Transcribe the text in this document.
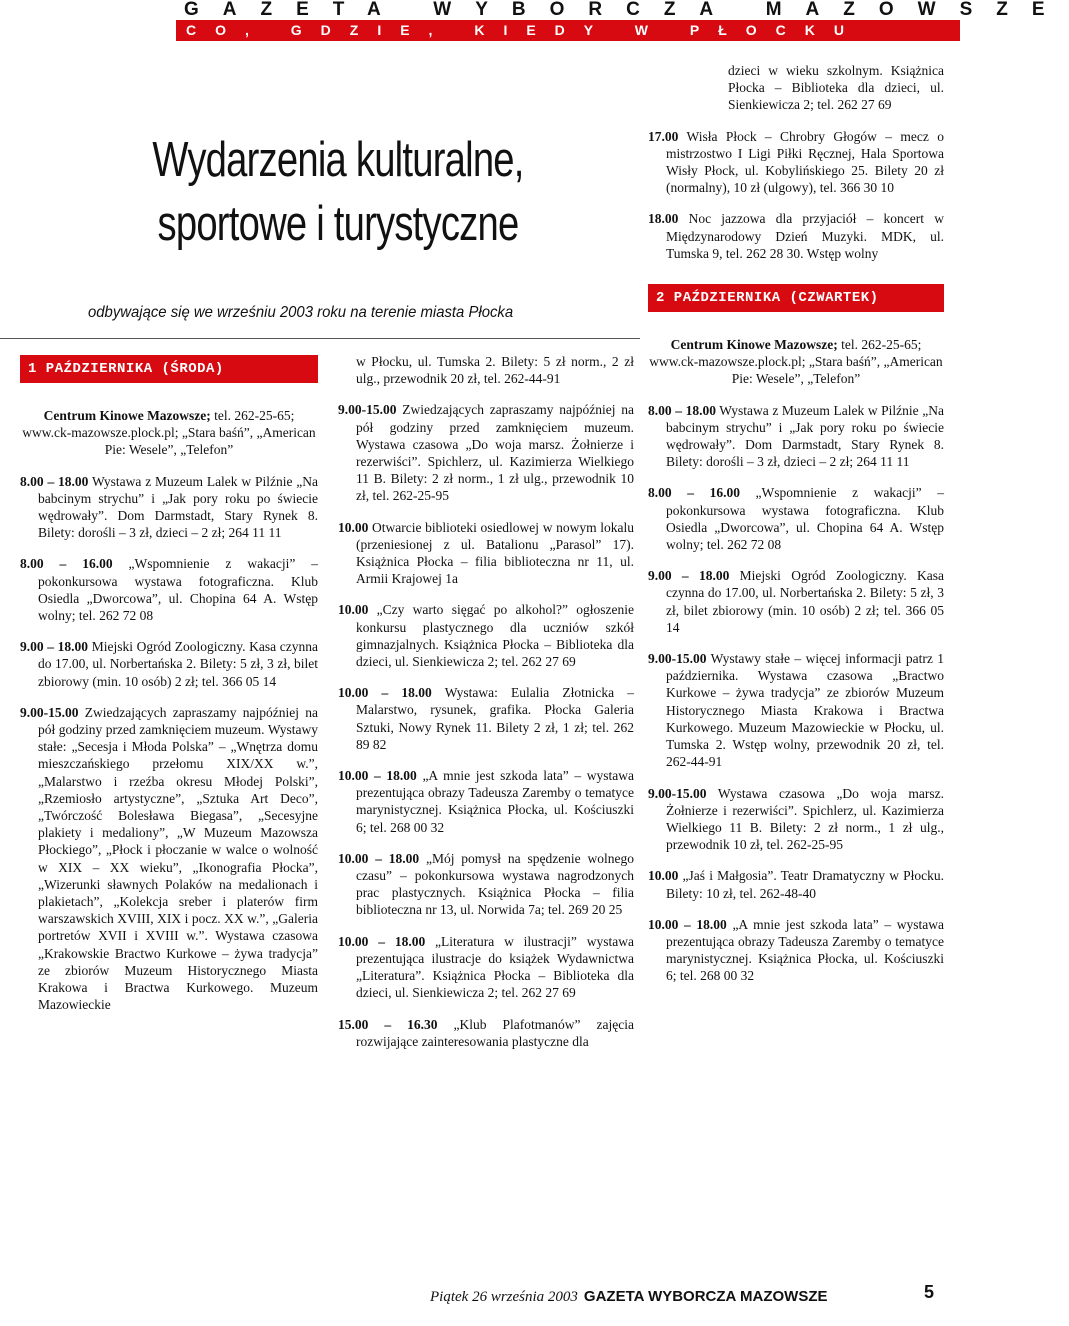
GAZETA WYBORCZA MAZOWSZE
CO, GDZIE, KIEDY W PŁOCKU
Wydarzenia kulturalne,
sportowe i turystyczne
odbywające się we wrześniu 2003 roku na terenie miasta Płocka
1 PAŹDZIERNIKA (ŚRODA)
Centrum Kinowe Mazowsze; tel. 262-25-65; www.ck-mazowsze.plock.pl; „Stara baśń”, „American Pie: Wesele”, „Telefon”
8.00 – 18.00 Wystawa z Muzeum Lalek w Pilźnie „Na babcinym strychu” i „Jak pory roku po świecie wędrowały”. Dom Darmstadt, Stary Rynek 8. Bilety: dorośli – 3 zł, dzieci – 2 zł; 264 11 11
8.00 – 16.00 „Wspomnienie z wakacji” – pokonkursowa wystawa fotograficzna. Klub Osiedla „Dworcowa”, ul. Chopina 64 A. Wstęp wolny; tel. 262 72 08
9.00 – 18.00 Miejski Ogród Zoologiczny. Kasa czynna do 17.00, ul. Norbertańska 2. Bilety: 5 zł, 3 zł, bilet zbiorowy (min. 10 osób) 2 zł; tel. 366 05 14
9.00-15.00 Zwiedzających zapraszamy najpóźniej na pół godziny przed zamknięciem muzeum. Wystawy stałe: „Secesja i Młoda Polska” – „Wnętrza domu mieszczańskiego przełomu XIX/XX w.”, „Malarstwo i rzeźba okresu Młodej Polski”, „Rzemiosło artystyczne”, „Sztuka Art Deco”, „Twórczość Bolesława Biegasa”, „Secesyjne plakiety i medaliony”, „W Muzeum Mazowsza Płockiego”, „Płock i płoczanie w walce o wolność w XIX – XX wieku”, „Ikonografia Płocka”, „Wizerunki sławnych Polaków na medalionach i plakietach”, „Kolekcja sreber i platerów firm warszawskich XVIII, XIX i pocz. XX w.”, „Galeria portretów XVII i XVIII w.”. Wystawa czasowa „Krakowskie Bractwo Kurkowe – żywa tradycja” ze zbiorów Muzeum Historycznego Miasta Krakowa i Bractwa Kurkowego. Muzeum Mazowieckie
w Płocku, ul. Tumska 2. Bilety: 5 zł norm., 2 zł ulg., przewodnik 20 zł, tel. 262-44-91
9.00-15.00 Zwiedzających zapraszamy najpóźniej na pół godziny przed zamknięciem muzeum. Wystawa czasowa „Do woja marsz. Żołnierze i rezerwiści”. Spichlerz, ul. Kazimierza Wielkiego 11 B. Bilety: 2 zł norm., 1 zł ulg., przewodnik 10 zł, tel. 262-25-95
10.00 Otwarcie biblioteki osiedlowej w nowym lokalu (przeniesionej z ul. Batalionu „Parasol” 17). Książnica Płocka – filia biblioteczna nr 11, ul. Armii Krajowej 1a
10.00 „Czy warto sięgać po alkohol?” ogłoszenie konkursu plastycznego dla uczniów szkół gimnazjalnych. Książnica Płocka – Biblioteka dla dzieci, ul. Sienkiewicza 2; tel. 262 27 69
10.00 – 18.00 Wystawa: Eulalia Złotnicka – Malarstwo, rysunek, grafika. Płocka Galeria Sztuki, Nowy Rynek 11. Bilety 2 zł, 1 zł; tel. 262 89 82
10.00 – 18.00 „A mnie jest szkoda lata” – wystawa prezentująca obrazy Tadeusza Zaremby o tematyce marynistycznej. Książnica Płocka, ul. Kościuszki 6; tel. 268 00 32
10.00 – 18.00 „Mój pomysł na spędzenie wolnego czasu” – pokonkursowa wystawa nagrodzonych prac plastycznych. Książnica Płocka – filia biblioteczna nr 13, ul. Norwida 7a; tel. 269 20 25
10.00 – 18.00 „Literatura w ilustracji” wystawa prezentująca ilustracje do książek Wydawnictwa „Literatura”. Książnica Płocka – Biblioteka dla dzieci, ul. Sienkiewicza 2; tel. 262 27 69
15.00 – 16.30 „Klub Plafotmanów” zajęcia rozwijające zainteresowania plastyczne dla
dzieci w wieku szkolnym. Książnica Płocka – Biblioteka dla dzieci, ul. Sienkiewicza 2; tel. 262 27 69
17.00 Wisła Płock – Chrobry Głogów – mecz o mistrzostwo I Ligi Piłki Ręcznej, Hala Sportowa Wisły Płock, ul. Kobylińskiego 25. Bilety 20 zł (normalny), 10 zł (ulgowy), tel. 366 30 10
18.00 Noc jazzowa dla przyjaciół – koncert w Międzynarodowy Dzień Muzyki. MDK, ul. Tumska 9, tel. 262 28 30. Wstęp wolny
2 PAŹDZIERNIKA (CZWARTEK)
Centrum Kinowe Mazowsze; tel. 262-25-65; www.ck-mazowsze.plock.pl; „Stara baśń”, „American Pie: Wesele”, „Telefon”
8.00 – 18.00 Wystawa z Muzeum Lalek w Pilźnie „Na babcinym strychu” i „Jak pory roku po świecie wędrowały”. Dom Darmstadt, Stary Rynek 8. Bilety: dorośli – 3 zł, dzieci – 2 zł; 264 11 11
8.00 – 16.00 „Wspomnienie z wakacji” – pokonkursowa wystawa fotograficzna. Klub Osiedla „Dworcowa”, ul. Chopina 64 A. Wstęp wolny; tel. 262 72 08
9.00 – 18.00 Miejski Ogród Zoologiczny. Kasa czynna do 17.00, ul. Norbertańska 2. Bilety: 5 zł, 3 zł, bilet zbiorowy (min. 10 osób) 2 zł; tel. 366 05 14
9.00-15.00 Wystawy stałe – więcej informacji patrz 1 października. Wystawa czasowa „Bractwo Kurkowe – żywa tradycja” ze zbiorów Muzeum Historycznego Miasta Krakowa i Bractwa Kurkowego. Muzeum Mazowieckie w Płocku, ul. Tumska 2. Wstęp wolny, przewodnik 20 zł, tel. 262-44-91
9.00-15.00 Wystawa czasowa „Do woja marsz. Żołnierze i rezerwiści”. Spichlerz, ul. Kazimierza Wielkiego 11 B. Bilety: 2 zł norm., 1 zł ulg., przewodnik 10 zł, tel. 262-25-95
10.00 „Jaś i Małgosia”. Teatr Dramatyczny w Płocku. Bilety: 10 zł, tel. 262-48-40
10.00 – 18.00 „A mnie jest szkoda lata” – wystawa prezentująca obrazy Tadeusza Zaremby o tematyce marynistycznej. Książnica Płocka, ul. Kościuszki 6; tel. 268 00 32
Piątek 26 września 2003 GAZETA WYBORCZA MAZOWSZE	5
